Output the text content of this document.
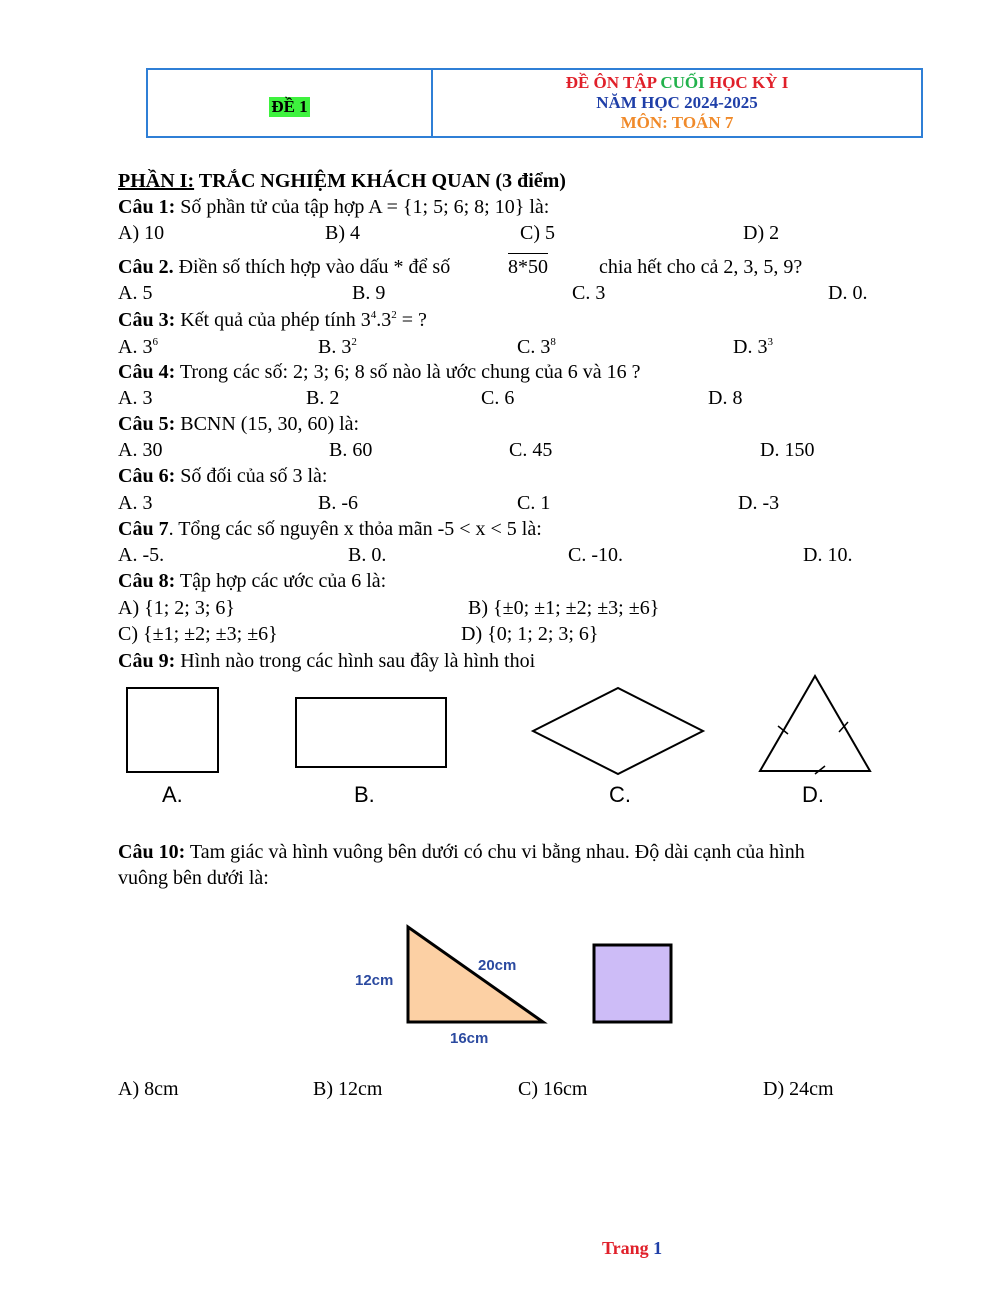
ĐỀ 1
ĐỀ ÔN TẬP CUỐI HỌC KỲ I
NĂM HỌC 2024-2025
MÔN: TOÁN 7
PHẦN I: TRẮC NGHIỆM KHÁCH QUAN (3 điểm)
Câu 1: Số phần tử của tập hợp A = {1; 5; 6; 8; 10} là:
A) 10	B) 4	C) 5	D) 2
Câu 2. Điền số thích hợp vào dấu * để số	8*50	chia hết cho cả 2, 3, 5, 9?
A. 5	B. 9	C. 3	D. 0.
Câu 3: Kết quả của phép tính $3^4.3^2$ = ?
A. $3^6$	B. $3^2$	C. $3^8$	D. $3^3$
Câu 4: Trong các số: 2; 3; 6; 8 số nào là ước chung của 6 và 16 ?
A. 3	B. 2	C. 6	D. 8
Câu 5: BCNN (15, 30, 60) là:
A. 30	B. 60	C. 45	D. 150
Câu 6: Số đối của số 3 là:
A. 3	B. -6	C. 1	D. -3
Câu 7. Tổng các số nguyên x thỏa mãn -5 < x < 5 là:
A. -5.	B. 0.	C. -10.	D. 10.
Câu 8: Tập hợp các ước của 6 là:
A) {1; 2; 3; 6}	B) {±0; ±1; ±2; ±3; ±6}
C) {±1; ±2; ±3; ±6}	D) {0; 1; 2; 3; 6}
Câu 9: Hình nào trong các hình sau đây là hình thoi
A.	B.	C.	D.
Câu 10: Tam giác và hình vuông bên dưới có chu vi bằng nhau. Độ dài cạnh của hình
vuông bên dưới là:
12cm
20cm
16cm
A) 8cm	B) 12cm	C) 16cm	D) 24cm
Trang 1
